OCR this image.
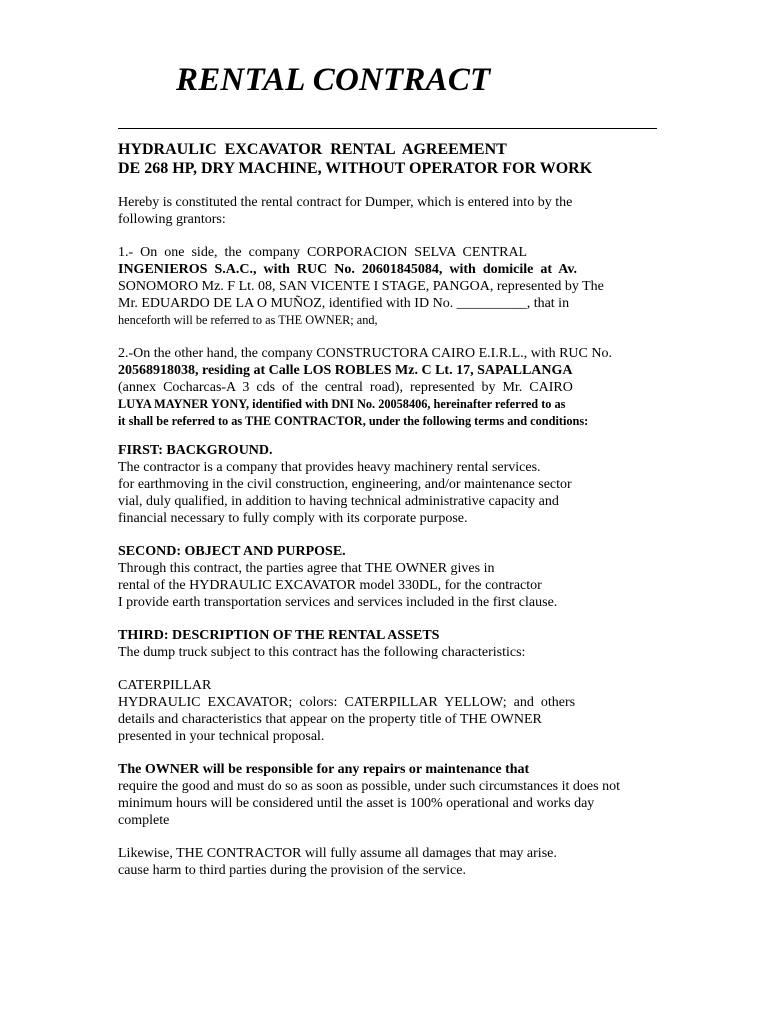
RENTAL CONTRACT
HYDRAULIC  EXCAVATOR  RENTAL  AGREEMENT
DE 268 HP, DRY MACHINE, WITHOUT OPERATOR FOR WORK
Hereby is constituted the rental contract for Dumper, which is entered into by the
following grantors:
1.-  On  one  side,  the  company  CORPORACION  SELVA  CENTRAL
INGENIEROS  S.A.C.,  with  RUC  No.  20601845084,  with  domicile  at  Av.
SONOMORO Mz. F Lt. 08, SAN VICENTE I STAGE, PANGOA, represented by The
Mr. EDUARDO DE LA O MUÑOZ, identified with ID No. __________, that in
henceforth will be referred to as THE OWNER; and,
2.-On the other hand, the company CONSTRUCTORA CAIRO E.I.R.L., with RUC No.
20568918038, residing at Calle LOS ROBLES Mz. C Lt. 17, SAPALLANGA
(annex  Cocharcas-A  3  cds  of  the  central  road),  represented  by  Mr.  CAIRO
LUYA MAYNER YONY, identified with DNI No. 20058406, hereinafter referred to as
it shall be referred to as THE CONTRACTOR, under the following terms and conditions:
FIRST: BACKGROUND.
The contractor is a company that provides heavy machinery rental services.
for earthmoving in the civil construction, engineering, and/or maintenance sector
vial, duly qualified, in addition to having technical administrative capacity and
financial necessary to fully comply with its corporate purpose.
SECOND: OBJECT AND PURPOSE.
Through this contract, the parties agree that THE OWNER gives in
rental of the HYDRAULIC EXCAVATOR model 330DL, for the contractor
I provide earth transportation services and services included in the first clause.
THIRD: DESCRIPTION OF THE RENTAL ASSETS
The dump truck subject to this contract has the following characteristics:
CATERPILLAR
HYDRAULIC  EXCAVATOR;  colors:  CATERPILLAR  YELLOW;  and  others
details and characteristics that appear on the property title of THE OWNER
presented in your technical proposal.
The OWNER will be responsible for any repairs or maintenance that
require the good and must do so as soon as possible, under such circumstances it does not
minimum hours will be considered until the asset is 100% operational and works day
complete
Likewise, THE CONTRACTOR will fully assume all damages that may arise.
cause harm to third parties during the provision of the service.
